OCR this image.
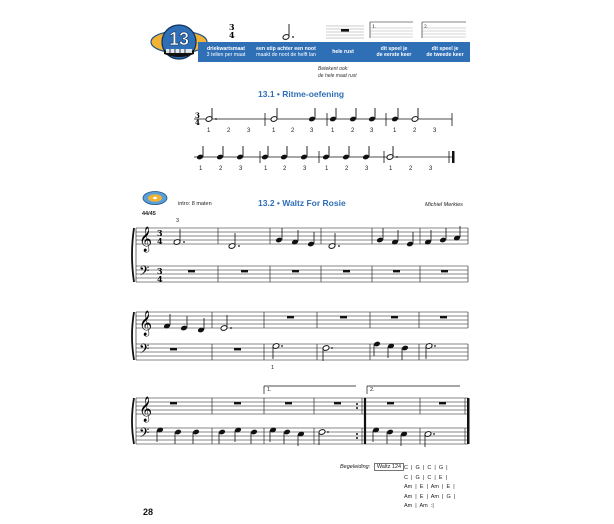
13
3
4
1.	2.
driekwartsmaat
3 tellen per maat
een stip achter een noot
maakt de noot de helft lan	hele rust	dit speel je
de eerste keer
dit speel je
de tweede keer
Betekent ook:
de hele maat rust
13.1 • Ritme-oefening
3
4
1	2	3	1	2	3	1	2	3	1	2	3
1	2	3	1	2	3	1	2	3	1	2	3
44/45
intro: 8 maten	13.2 • Waltz For Rosie	Michiel Merkies
𝄞
𝄢
3
4
3
4
3
𝄞
𝄢
1
𝄞
𝄢
1.	2.
Begeleiding: Waltz 124 C  |  G  |  C  |  G  |
C  |  G  |  C  |  E  |
Am  |  E  |  Am  |  E  |
Am  |  E  |  Am  |  G  |
Am  |  Am  :|
28
